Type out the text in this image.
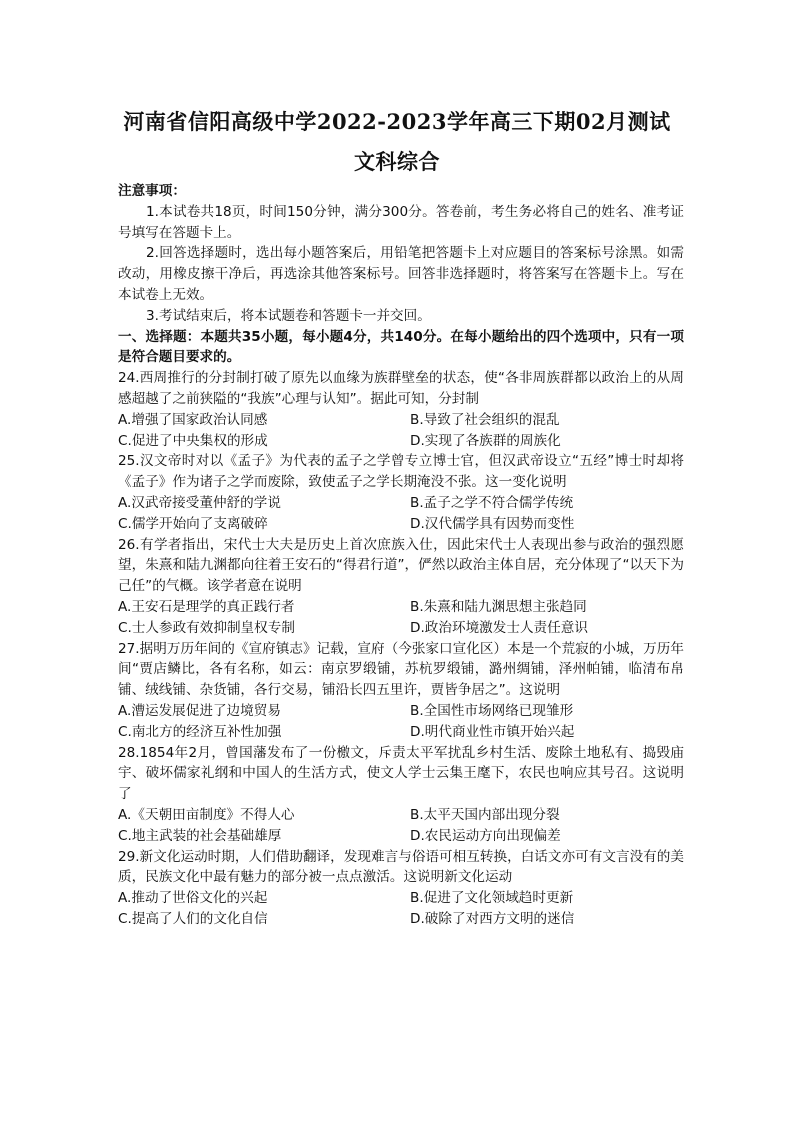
河南省信阳高级中学2022-2023学年高三下期02月测试
文科综合

注意事项：

1.本试卷共18页，时间150分钟，满分300分。答卷前，考生务必将自己的姓名、准考证号填写在答题卡上。

2.回答选择题时，选出每小题答案后，用铅笔把答题卡上对应题目的答案标号涂黑。如需改动，用橡皮擦干净后，再选涂其他答案标号。回答非选择题时，将答案写在答题卡上。写在本试卷上无效。

3.考试结束后，将本试题卷和答题卡一并交回。

一、选择题：本题共35小题，每小题4分，共140分。在每小题给出的四个选项中，只有一项是符合题目要求的。

24.西周推行的分封制打破了原先以血缘为族群壁垒的状态，使“各非周族群都以政治上的从周感超越了之前狭隘的“我族”心理与认知”。据此可知，分封制

A.增强了国家政治认同感	B.导致了社会组织的混乱
C.促进了中央集权的形成	D.实现了各族群的周族化

25.汉文帝时对以《孟子》为代表的孟子之学曾专立博士官，但汉武帝设立“五经”博士时却将《孟子》作为诸子之学而废除，致使孟子之学长期淹没不张。这一变化说明

A.汉武帝接受董仲舒的学说	B.孟子之学不符合儒学传统
C.儒学开始向了支离破碎	D.汉代儒学具有因势而变性

26.有学者指出，宋代士大夫是历史上首次庶族入仕，因此宋代士人表现出参与政治的强烈愿望，朱熹和陆九渊都向往着王安石的“得君行道”，俨然以政治主体自居，充分体现了“以天下为己任”的气概。该学者意在说明

A.王安石是理学的真正践行者	B.朱熹和陆九渊思想主张趋同
C.士人参政有效抑制皇权专制	D.政治环境激发士人责任意识

27.据明万历年间的《宣府镇志》记载，宣府（今张家口宣化区）本是一个荒寂的小城，万历年间“贾店鳞比，各有名称，如云：南京罗缎铺，苏杭罗缎铺，潞州绸铺，泽州帕铺，临清布帛铺、绒线铺、杂货铺，各行交易，铺沿长四五里许，贾皆争居之”。这说明

A.漕运发展促进了边境贸易	B.全国性市场网络已现雏形
C.南北方的经济互补性加强	D.明代商业性市镇开始兴起

28.1854年2月，曾国藩发布了一份檄文，斥责太平军扰乱乡村生活、废除土地私有、捣毁庙宇、破坏儒家礼纲和中国人的生活方式，使文人学士云集王麾下，农民也响应其号召。这说明了

A.《天朝田亩制度》不得人心	B.太平天国内部出现分裂
C.地主武装的社会基础雄厚	D.农民运动方向出现偏差

29.新文化运动时期，人们借助翻译，发现难言与俗语可相互转换，白话文亦可有文言没有的美质，民族文化中最有魅力的部分被一点点激活。这说明新文化运动

A.推动了世俗文化的兴起	B.促进了文化领域趋时更新
C.提高了人们的文化自信	D.破除了对西方文明的迷信
